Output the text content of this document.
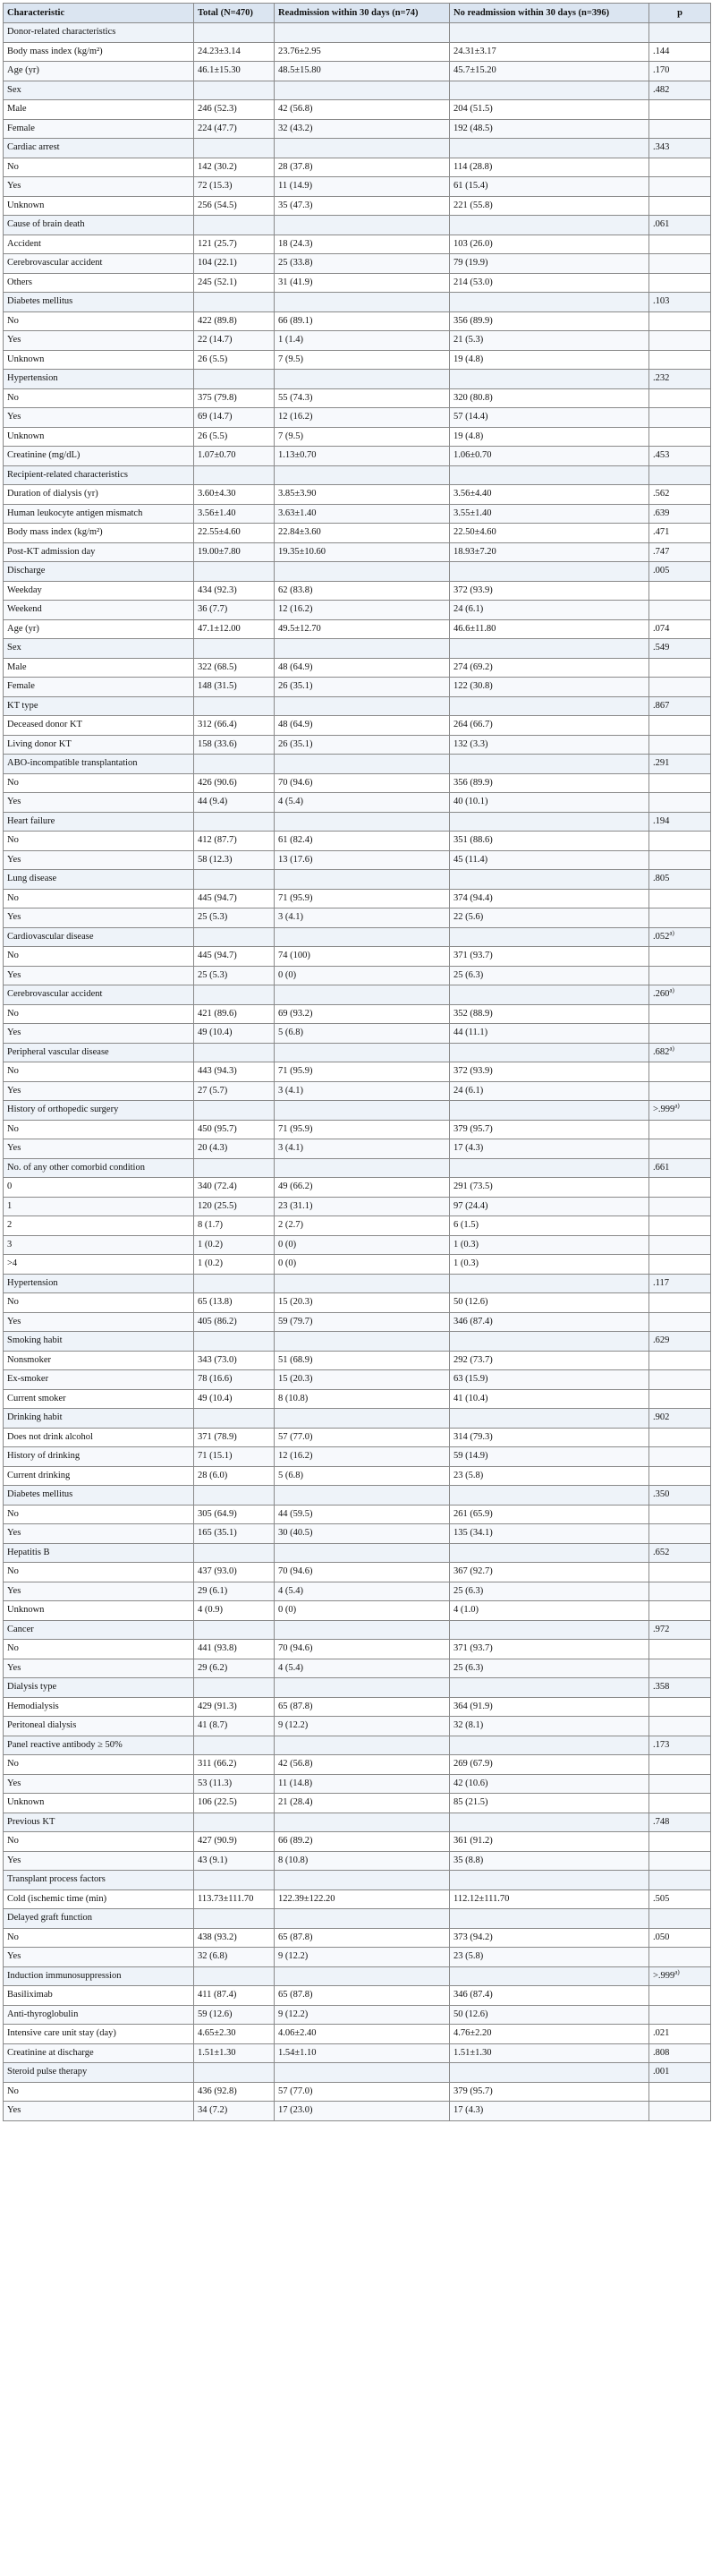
Characteristic	Total (N=470)	Readmission within 30 days (n=74)	No readmission within 30 days (n=396)	p
Donor-related characteristics				
Body mass index (kg/m²)	24.23±3.14	23.76±2.95	24.31±3.17	.144
Age (yr)	46.1±15.30	48.5±15.80	45.7±15.20	.170
Sex				.482
Male	246 (52.3)	42 (56.8)	204 (51.5)	
Female	224 (47.7)	32 (43.2)	192 (48.5)	
Cardiac arrest				.343
No	142 (30.2)	28 (37.8)	114 (28.8)	
Yes	72 (15.3)	11 (14.9)	61 (15.4)	
Unknown	256 (54.5)	35 (47.3)	221 (55.8)	
Cause of brain death				.061
Accident	121 (25.7)	18 (24.3)	103 (26.0)	
Cerebrovascular accident	104 (22.1)	25 (33.8)	79 (19.9)	
Others	245 (52.1)	31 (41.9)	214 (53.0)	
Diabetes mellitus				.103
No	422 (89.8)	66 (89.1)	356 (89.9)	
Yes	22 (14.7)	1 (1.4)	21 (5.3)	
Unknown	26 (5.5)	7 (9.5)	19 (4.8)	
Hypertension				.232
No	375 (79.8)	55 (74.3)	320 (80.8)	
Yes	69 (14.7)	12 (16.2)	57 (14.4)	
Unknown	26 (5.5)	7 (9.5)	19 (4.8)	
Creatinine (mg/dL)	1.07±0.70	1.13±0.70	1.06±0.70	.453
Recipient-related characteristics				
Duration of dialysis (yr)	3.60±4.30	3.85±3.90	3.56±4.40	.562
Human leukocyte antigen mismatch	3.56±1.40	3.63±1.40	3.55±1.40	.639
Body mass index (kg/m²)	22.55±4.60	22.84±3.60	22.50±4.60	.471
Post-KT admission day	19.00±7.80	19.35±10.60	18.93±7.20	.747
Discharge				.005
Weekday	434 (92.3)	62 (83.8)	372 (93.9)	
Weekend	36 (7.7)	12 (16.2)	24 (6.1)	
Age (yr)	47.1±12.00	49.5±12.70	46.6±11.80	.074
Sex				.549
Male	322 (68.5)	48 (64.9)	274 (69.2)	
Female	148 (31.5)	26 (35.1)	122 (30.8)	
KT type				.867
Deceased donor KT	312 (66.4)	48 (64.9)	264 (66.7)	
Living donor KT	158 (33.6)	26 (35.1)	132 (3.3)	
ABO-incompatible transplantation				.291
No	426 (90.6)	70 (94.6)	356 (89.9)	
Yes	44 (9.4)	4 (5.4)	40 (10.1)	
Heart failure				.194
No	412 (87.7)	61 (82.4)	351 (88.6)	
Yes	58 (12.3)	13 (17.6)	45 (11.4)	
Lung disease				.805
No	445 (94.7)	71 (95.9)	374 (94.4)	
Yes	25 (5.3)	3 (4.1)	22 (5.6)	
Cardiovascular disease				.052$^{a)}$
No	445 (94.7)	74 (100)	371 (93.7)	
Yes	25 (5.3)	0 (0)	25 (6.3)	
Cerebrovascular accident				.260$^{a)}$
No	421 (89.6)	69 (93.2)	352 (88.9)	
Yes	49 (10.4)	5 (6.8)	44 (11.1)	
Peripheral vascular disease				.682$^{a)}$
No	443 (94.3)	71 (95.9)	372 (93.9)	
Yes	27 (5.7)	3 (4.1)	24 (6.1)	
History of orthopedic surgery				$>.999^{a)}$
No	450 (95.7)	71 (95.9)	379 (95.7)	
Yes	20 (4.3)	3 (4.1)	17 (4.3)	
No. of any other comorbid condition				.661
0	340 (72.4)	49 (66.2)	291 (73.5)	
1	120 (25.5)	23 (31.1)	97 (24.4)	
2	8 (1.7)	2 (2.7)	6 (1.5)	
3	1 (0.2)	0 (0)	1 (0.3)	
>4	1 (0.2)	0 (0)	1 (0.3)	
Hypertension				.117
No	65 (13.8)	15 (20.3)	50 (12.6)	
Yes	405 (86.2)	59 (79.7)	346 (87.4)	
Smoking habit				.629
Nonsmoker	343 (73.0)	51 (68.9)	292 (73.7)	
Ex-smoker	78 (16.6)	15 (20.3)	63 (15.9)	
Current smoker	49 (10.4)	8 (10.8)	41 (10.4)	
Drinking habit				.902
Does not drink alcohol	371 (78.9)	57 (77.0)	314 (79.3)	
History of drinking	71 (15.1)	12 (16.2)	59 (14.9)	
Current drinking	28 (6.0)	5 (6.8)	23 (5.8)	
Diabetes mellitus				.350
No	305 (64.9)	44 (59.5)	261 (65.9)	
Yes	165 (35.1)	30 (40.5)	135 (34.1)	
Hepatitis B				.652
No	437 (93.0)	70 (94.6)	367 (92.7)	
Yes	29 (6.1)	4 (5.4)	25 (6.3)	
Unknown	4 (0.9)	0 (0)	4 (1.0)	
Cancer				.972
No	441 (93.8)	70 (94.6)	371 (93.7)	
Yes	29 (6.2)	4 (5.4)	25 (6.3)	
Dialysis type				.358
Hemodialysis	429 (91.3)	65 (87.8)	364 (91.9)	
Peritoneal dialysis	41 (8.7)	9 (12.2)	32 (8.1)	
Panel reactive antibody ≥ 50%				.173
No	311 (66.2)	42 (56.8)	269 (67.9)	
Yes	53 (11.3)	11 (14.8)	42 (10.6)	
Unknown	106 (22.5)	21 (28.4)	85 (21.5)	
Previous KT				.748
No	427 (90.9)	66 (89.2)	361 (91.2)	
Yes	43 (9.1)	8 (10.8)	35 (8.8)	
Transplant process factors				
Cold (ischemic time (min)	113.73±111.70	122.39±122.20	112.12±111.70	.505
Delayed graft function				
No	438 (93.2)	65 (87.8)	373 (94.2)	.050
Yes	32 (6.8)	9 (12.2)	23 (5.8)	
Induction immunosuppression				$>.999^{a)}$
Basiliximab	411 (87.4)	65 (87.8)	346 (87.4)	
Anti-thyroglobulin	59 (12.6)	9 (12.2)	50 (12.6)	
Intensive care unit stay (day)	4.65±2.30	4.06±2.40	4.76±2.20	.021
Creatinine at discharge	1.51±1.30	1.54±1.10	1.51±1.30	.808
Steroid pulse therapy				.001
No	436 (92.8)	57 (77.0)	379 (95.7)	
Yes	34 (7.2)	17 (23.0)	17 (4.3)	
